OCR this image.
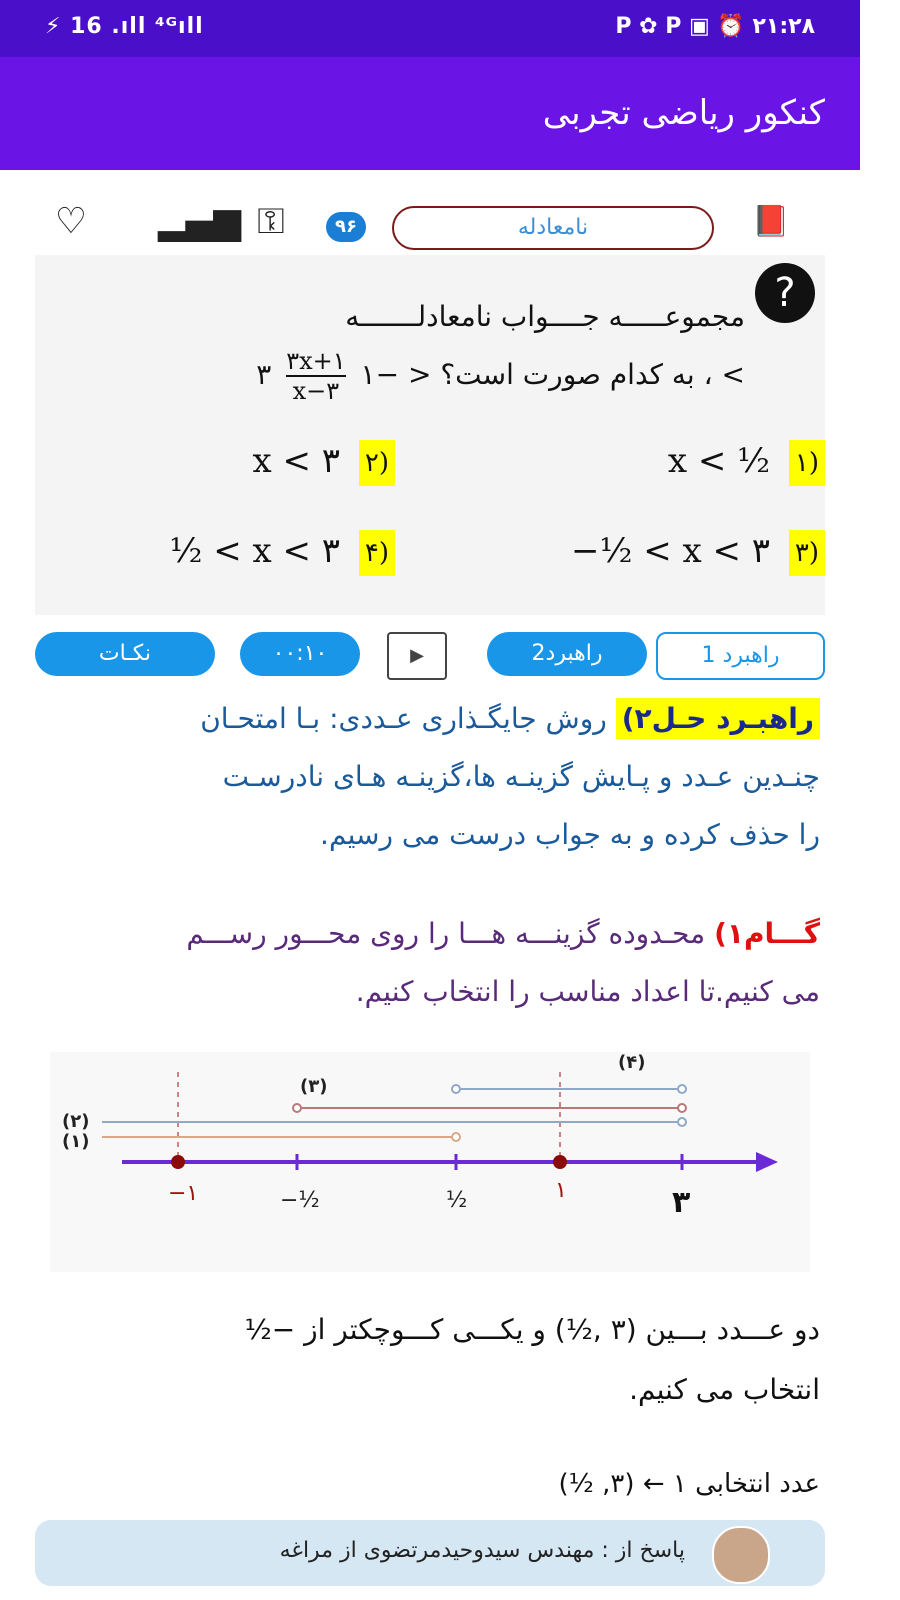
⚡ 16 .ıll ⁴ᴳıll	P ✿ P ▣ ⏰ ۲۱:۲۸
کنکور ریاضی تجربی
♡ ▂▄▆ ⚿	📕
۹۶	نامعادله
?
مجموعـــــه جــــواب نامعادلـــــــه
، به کدام صورت است؟ < −۱
$\frac{۳x+۱}{x-۳}$
۳ <
x < ½ ۱)
x < ۳ ۲)
−½ < x < ۳ ۳)
½ < x < ۳ ۴)
راهبرد 1
راهبرد2
▶
۰۰:۱۰
نکـات
راهبـرد حـل۲) روش جایگـذاری عـددی: بـا امتحـان
چنـدین عـدد و پـایش گزینـه ها،گزینـه هـای نادرسـت
را حذف کرده و به جواب درست می رسیم.
گـــام۱) محـدوده گزینـــه هـــا را روی محـــور رســـم
می کنیم.تا اعداد مناسب را انتخاب کنیم.
−۱	−½	½	۱	۳
(۱)
(۲)
(۳)
(۴)
دو عـــدد بـــین (۳ ,½) و یکـــی کـــوچکتر از −½
انتخاب می کنیم.
عدد انتخابی ۱ ← (۳, ½)
پاسخ از : مهندس سیدوحیدمرتضوی از مراغه
